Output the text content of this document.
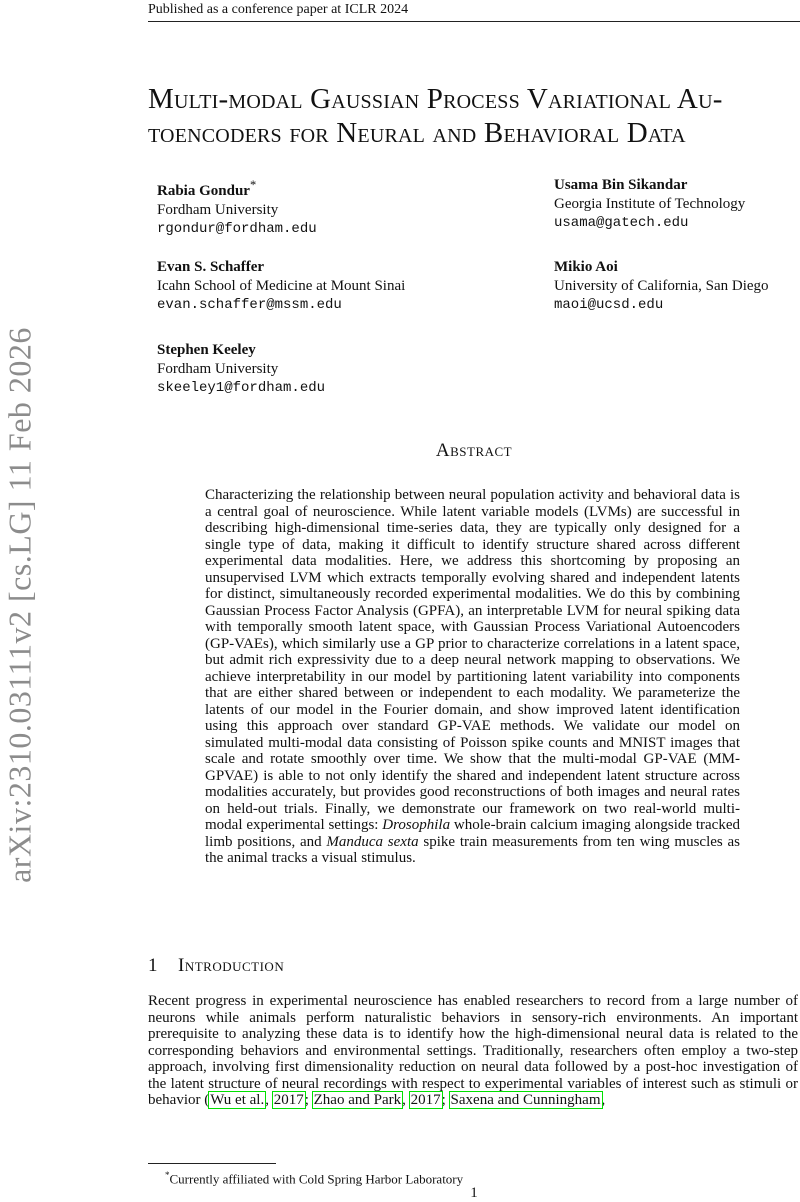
Published as a conference paper at ICLR 2024
arXiv:2310.03111v2 [cs.LG] 11 Feb 2026
Multi-modal Gaussian Process Variational Au-
toencoders for Neural and Behavioral Data
Rabia Gondur*
Fordham University
rgondur@fordham.edu
Usama Bin Sikandar
Georgia Institute of Technology
usama@gatech.edu
Evan S. Schaffer
Icahn School of Medicine at Mount Sinai
evan.schaffer@mssm.edu
Mikio Aoi
University of California, San Diego
maoi@ucsd.edu
Stephen Keeley
Fordham University
skeeley1@fordham.edu
Abstract
Characterizing the relationship between neural population activity and behavioral data is a central goal of neuroscience. While latent variable models (LVMs) are successful in describing high-dimensional time-series data, they are typically only designed for a single type of data, making it difficult to identify structure shared across different experimental data modalities. Here, we address this shortcoming by proposing an unsupervised LVM which extracts temporally evolving shared and independent latents for distinct, simultaneously recorded experimental modalities. We do this by combining Gaussian Process Factor Analysis (GPFA), an interpretable LVM for neural spiking data with temporally smooth latent space, with Gaussian Process Variational Autoencoders (GP-VAEs), which similarly use a GP prior to characterize correlations in a latent space, but admit rich expressivity due to a deep neural network mapping to observations. We achieve interpretability in our model by partitioning latent variability into components that are either shared between or independent to each modality. We parameterize the latents of our model in the Fourier domain, and show improved latent identification using this approach over standard GP-VAE methods. We validate our model on simulated multi-modal data consisting of Poisson spike counts and MNIST images that scale and rotate smoothly over time. We show that the multi-modal GP-VAE (MM-GPVAE) is able to not only identify the shared and independent latent structure across modalities accurately, but provides good reconstructions of both images and neural rates on held-out trials. Finally, we demonstrate our framework on two real-world multi-modal experimental settings: Drosophila whole-brain calcium imaging alongside tracked limb positions, and Manduca sexta spike train measurements from ten wing muscles as the animal tracks a visual stimulus.
1 Introduction
Recent progress in experimental neuroscience has enabled researchers to record from a large number of neurons while animals perform naturalistic behaviors in sensory-rich environments. An important prerequisite to analyzing these data is to identify how the high-dimensional neural data is related to the corresponding behaviors and environmental settings. Traditionally, researchers often employ a two-step approach, involving first dimensionality reduction on neural data followed by a post-hoc investigation of the latent structure of neural recordings with respect to experimental variables of interest such as stimuli or behavior (Wu et al., 2017; Zhao and Park, 2017; Saxena and Cunningham,
*Currently affiliated with Cold Spring Harbor Laboratory
1
